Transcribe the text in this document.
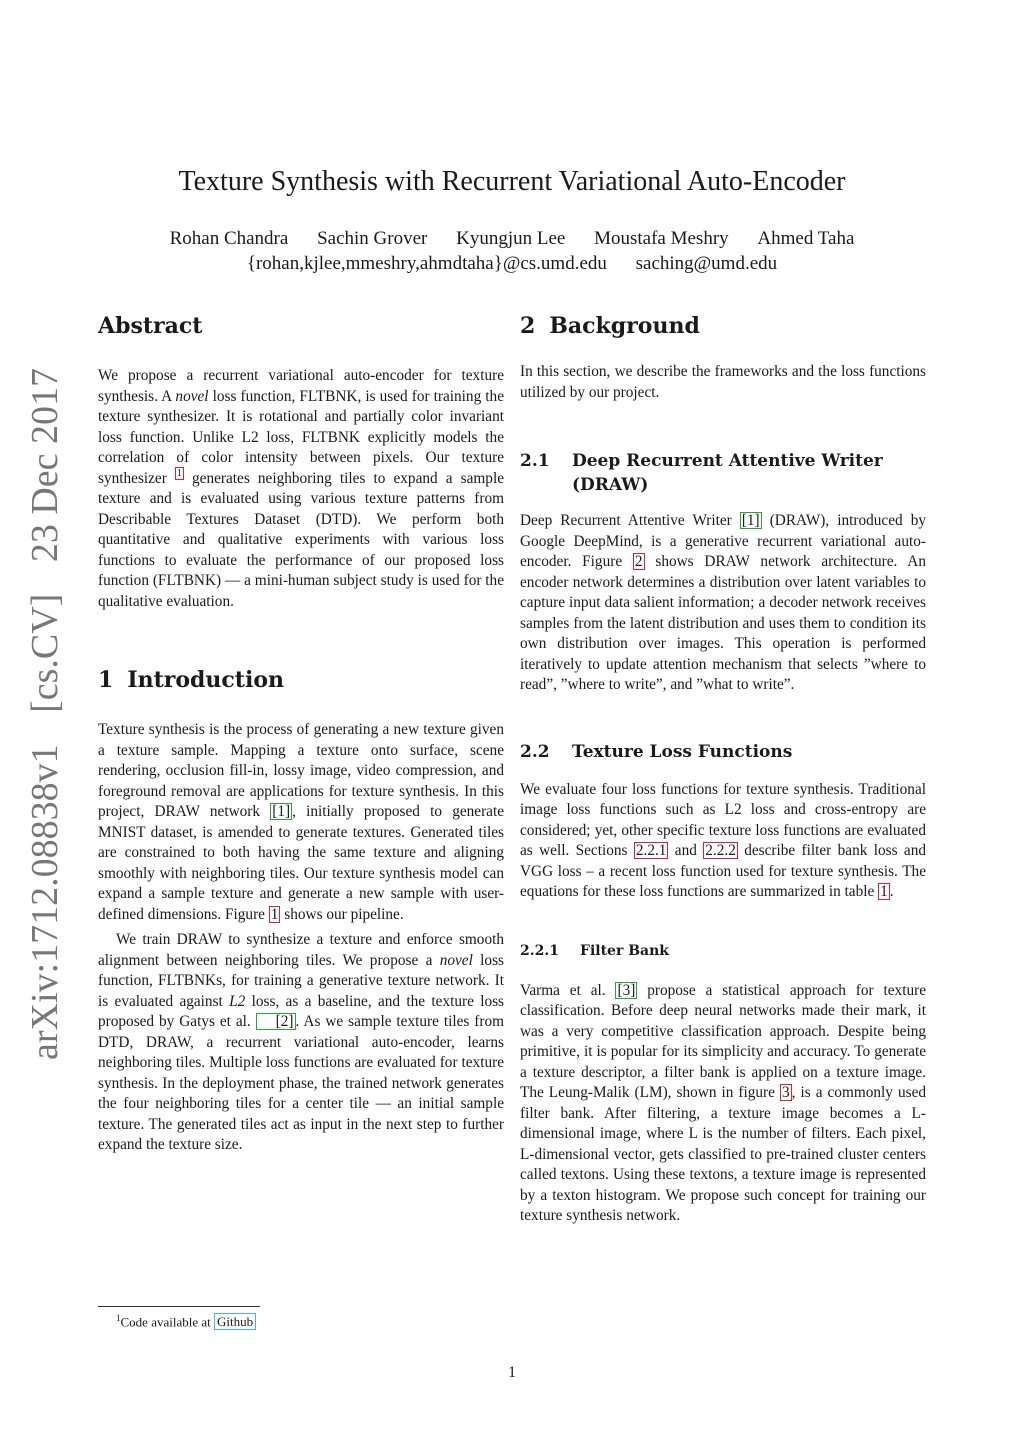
arXiv:1712.08838v1 [cs.CV] 23 Dec 2017
Texture Synthesis with Recurrent Variational Auto-Encoder
Rohan Chandra Sachin Grover Kyungjun Lee Moustafa Meshry Ahmed Taha
{rohan,kjlee,mmeshry,ahmdtaha}@cs.umd.edu saching@umd.edu
Abstract

We propose a recurrent variational auto-encoder for texture synthesis. A novel loss function, FLTBNK, is used for training the texture synthesizer. It is rotational and partially color invariant loss function. Unlike L2 loss, FLTBNK explicitly models the correlation of color intensity between pixels. Our texture synthesizer $^1$ generates neighboring tiles to expand a sample texture and is evaluated using various texture patterns from Describable Textures Dataset (DTD). We perform both quantitative and qualitative experiments with various loss functions to evaluate the performance of our proposed loss function (FLTBNK) — a mini-human subject study is used for the qualitative evaluation.

1 Introduction

Texture synthesis is the process of generating a new texture given a texture sample. Mapping a texture onto surface, scene rendering, occlusion fill-in, lossy image, video compression, and foreground removal are applications for texture synthesis. In this project, DRAW network [1] , initially proposed to generate MNIST dataset, is amended to generate textures. Generated tiles are constrained to both having the same texture and aligning smoothly with neighboring tiles. Our texture synthesis model can expand a sample texture and generate a new sample with user-defined dimensions. Figure 1 shows our pipeline.

We train DRAW to synthesize a texture and enforce smooth alignment between neighboring tiles. We propose a novel loss function, FLTBNKs, for training a generative texture network. It is evaluated against L2 loss, as a baseline, and the texture loss proposed by Gatys et al. [2] . As we sample texture tiles from DTD, DRAW, a recurrent variational auto-encoder, learns neighboring tiles. Multiple loss functions are evaluated for texture synthesis. In the deployment phase, the trained network generates the four neighboring tiles for a center tile — an initial sample texture. The generated tiles act as input in the next step to further expand the texture size.

$^1$Code available at Github
2 Background

In this section, we describe the frameworks and the loss functions utilized by our project.

2.1	Deep Recurrent Attentive Writer (DRAW)

Deep Recurrent Attentive Writer [1] (DRAW), introduced by Google DeepMind, is a generative recurrent variational auto-encoder. Figure 2 shows DRAW network architecture. An encoder network determines a distribution over latent variables to capture input data salient information; a decoder network receives samples from the latent distribution and uses them to condition its own distribution over images. This operation is performed iteratively to update attention mechanism that selects ”where to read”, ”where to write”, and ”what to write”.

2.2	Texture Loss Functions

We evaluate four loss functions for texture synthesis. Traditional image loss functions such as L2 loss and cross-entropy are considered; yet, other specific texture loss functions are evaluated as well. Sections 2.2.1 and 2.2.2 describe filter bank loss and VGG loss – a recent loss function used for texture synthesis. The equations for these loss functions are summarized in table 1 .

2.2.1	Filter Bank

Varma et al. [3] propose a statistical approach for texture classification. Before deep neural networks made their mark, it was a very competitive classification approach. Despite being primitive, it is popular for its simplicity and accuracy. To generate a texture descriptor, a filter bank is applied on a texture image. The Leung-Malik (LM), shown in figure 3 , is a commonly used filter bank. After filtering, a texture image becomes a L-dimensional image, where L is the number of filters. Each pixel, L-dimensional vector, gets classified to pre-trained cluster centers called textons. Using these textons, a texture image is represented by a texton histogram. We propose such concept for training our texture synthesis network.

1
